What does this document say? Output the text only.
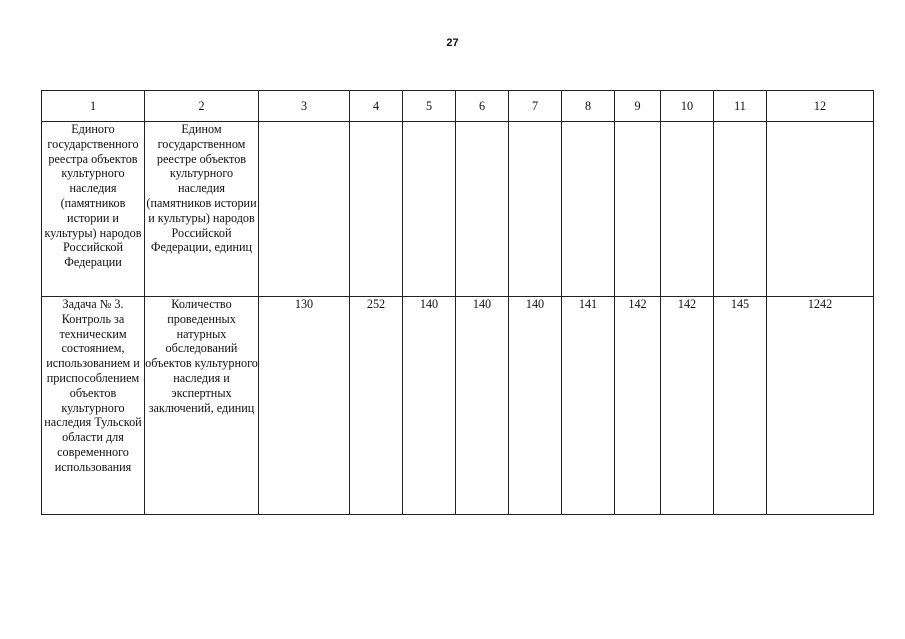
27
1	2	3	4	5	6	7	8	9	10	11	12

Единого государственного реестра объектов культурного наследия (памятников истории и культуры) народов Российской Федерации	Едином государственном реестре объектов культурного наследия (памятников истории и культуры) народов Российской Федерации, единиц										

Задача № 3. Контроль за техническим состоянием, использованием и приспособлением объектов культурного наследия Тульской области для современного использования	Количество проведенных натурных обследований объектов культурного наследия и экспертных заключений, единиц	130	252	140	140	140	141	142	142	145	1242
